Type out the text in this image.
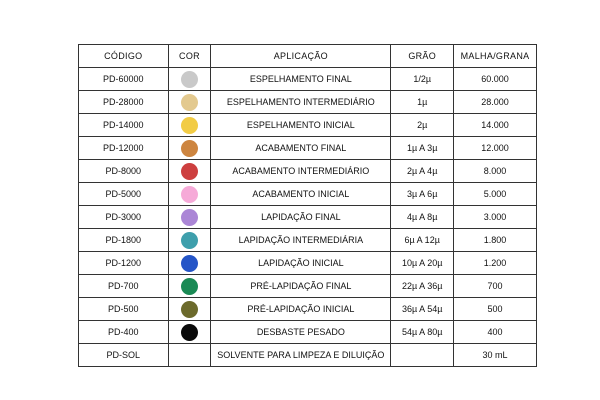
CÓDIGO	COR	APLICAÇÃO	GRÃO	MALHA/GRANA
PD-60000		ESPELHAMENTO FINAL	1/2µ	60.000
PD-28000		ESPELHAMENTO INTERMEDIÁRIO	1µ	28.000
PD-14000		ESPELHAMENTO INICIAL	2µ	14.000
PD-12000		ACABAMENTO FINAL	1µ A 3µ	12.000
PD-8000		ACABAMENTO INTERMEDIÁRIO	2µ A 4µ	8.000
PD-5000		ACABAMENTO INICIAL	3µ A 6µ	5.000
PD-3000		LAPIDAÇÃO FINAL	4µ A 8µ	3.000
PD-1800		LAPIDAÇÃO INTERMEDIÁRIA	6µ A 12µ	1.800
PD-1200		LAPIDAÇÃO INICIAL	10µ A 20µ	1.200
PD-700		PRÉ-LAPIDAÇÃO FINAL	22µ A 36µ	700
PD-500		PRÉ-LAPIDAÇÃO INICIAL	36µ A 54µ	500
PD-400		DESBASTE PESADO	54µ A 80µ	400
PD-SOL		SOLVENTE PARA LIMPEZA E DILUIÇÃO		30 mL
